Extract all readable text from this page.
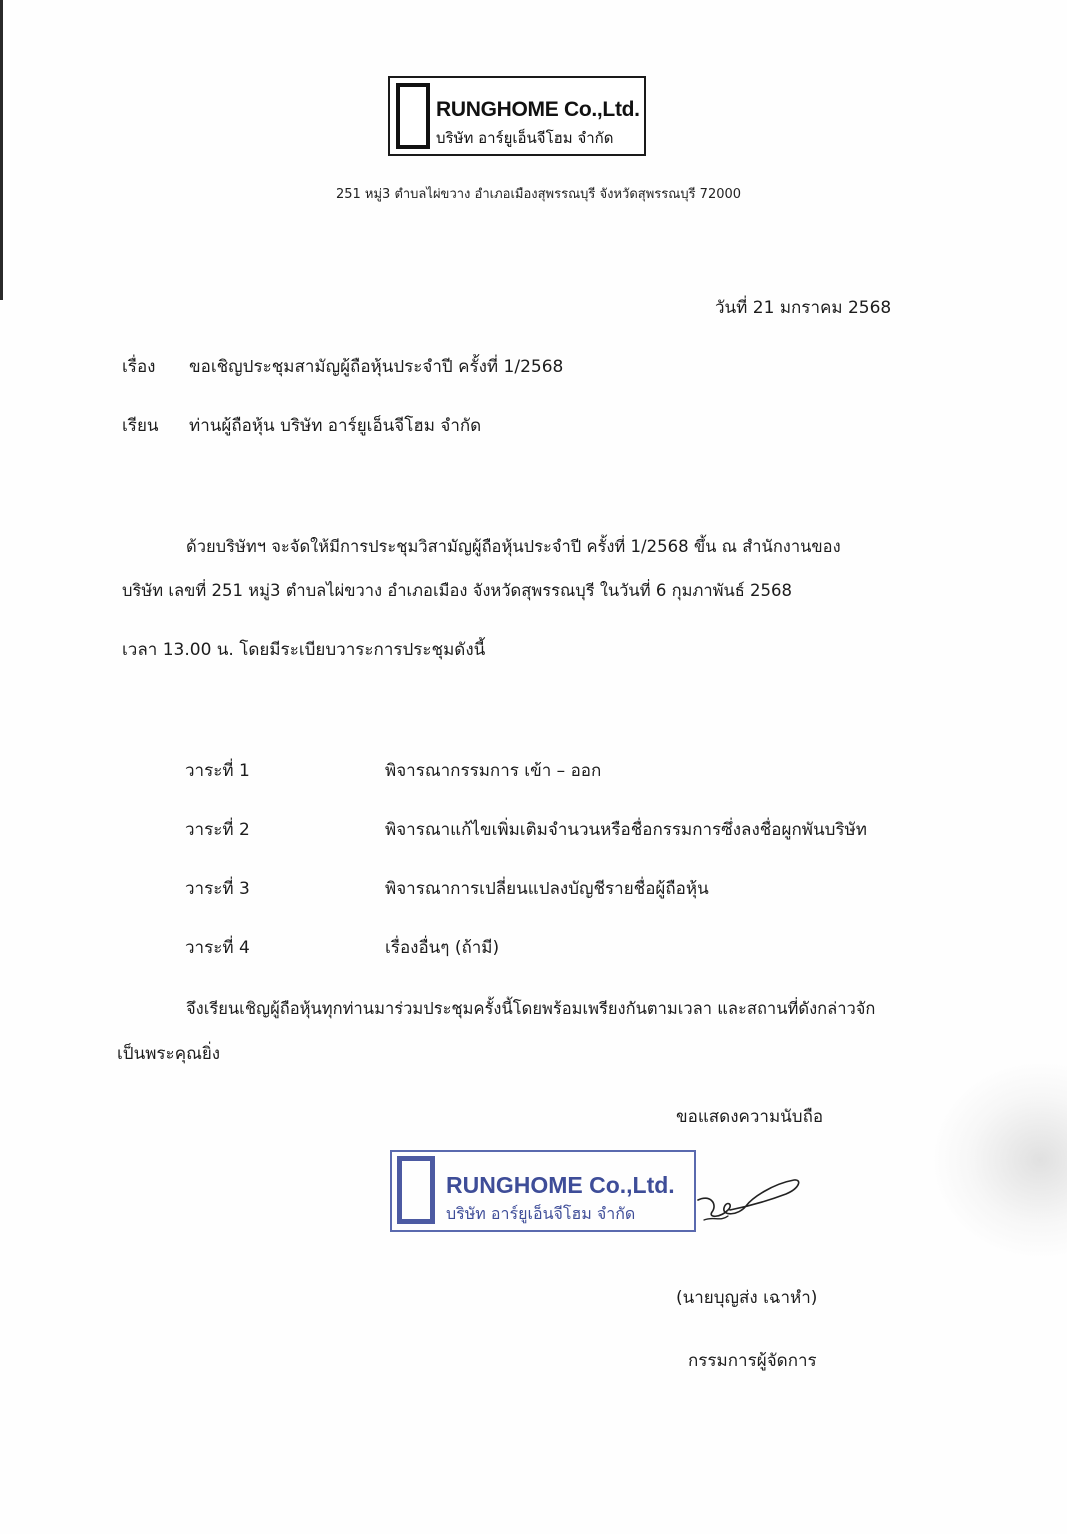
RUNGHOME Co.,Ltd.
บริษัท อาร์ยูเอ็นจีโฮม จำกัด
251 หมู่3 ตำบลไผ่ขวาง อำเภอเมืองสุพรรณบุรี จังหวัดสุพรรณบุรี 72000
วันที่ 21 มกราคม 2568
เรื่อง ขอเชิญประชุมสามัญผู้ถือหุ้นประจำปี ครั้งที่ 1/2568
เรียน ท่านผู้ถือหุ้น บริษัท อาร์ยูเอ็นจีโฮม จำกัด
ด้วยบริษัทฯ จะจัดให้มีการประชุมวิสามัญผู้ถือหุ้นประจำปี ครั้งที่ 1/2568 ขึ้น ณ สำนักงานของ
บริษัท เลขที่ 251 หมู่3 ตำบลไผ่ขวาง อำเภอเมือง จังหวัดสุพรรณบุรี ในวันที่ 6 กุมภาพันธ์ 2568
เวลา 13.00 น. โดยมีระเบียบวาระการประชุมดังนี้
วาระที่ 1	พิจารณากรรมการ เข้า – ออก
วาระที่ 2	พิจารณาแก้ไขเพิ่มเติมจำนวนหรือชื่อกรรมการซึ่งลงชื่อผูกพันบริษัท
วาระที่ 3	พิจารณาการเปลี่ยนแปลงบัญชีรายชื่อผู้ถือหุ้น
วาระที่ 4	เรื่องอื่นๆ (ถ้ามี)
จึงเรียนเชิญผู้ถือหุ้นทุกท่านมาร่วมประชุมครั้งนี้โดยพร้อมเพรียงกันตามเวลา และสถานที่ดังกล่าวจัก
เป็นพระคุณยิ่ง
ขอแสดงความนับถือ
RUNGHOME Co.,Ltd.
บริษัท อาร์ยูเอ็นจีโฮม จำกัด
(นายบุญส่ง เฉาหำ)
กรรมการผู้จัดการ
